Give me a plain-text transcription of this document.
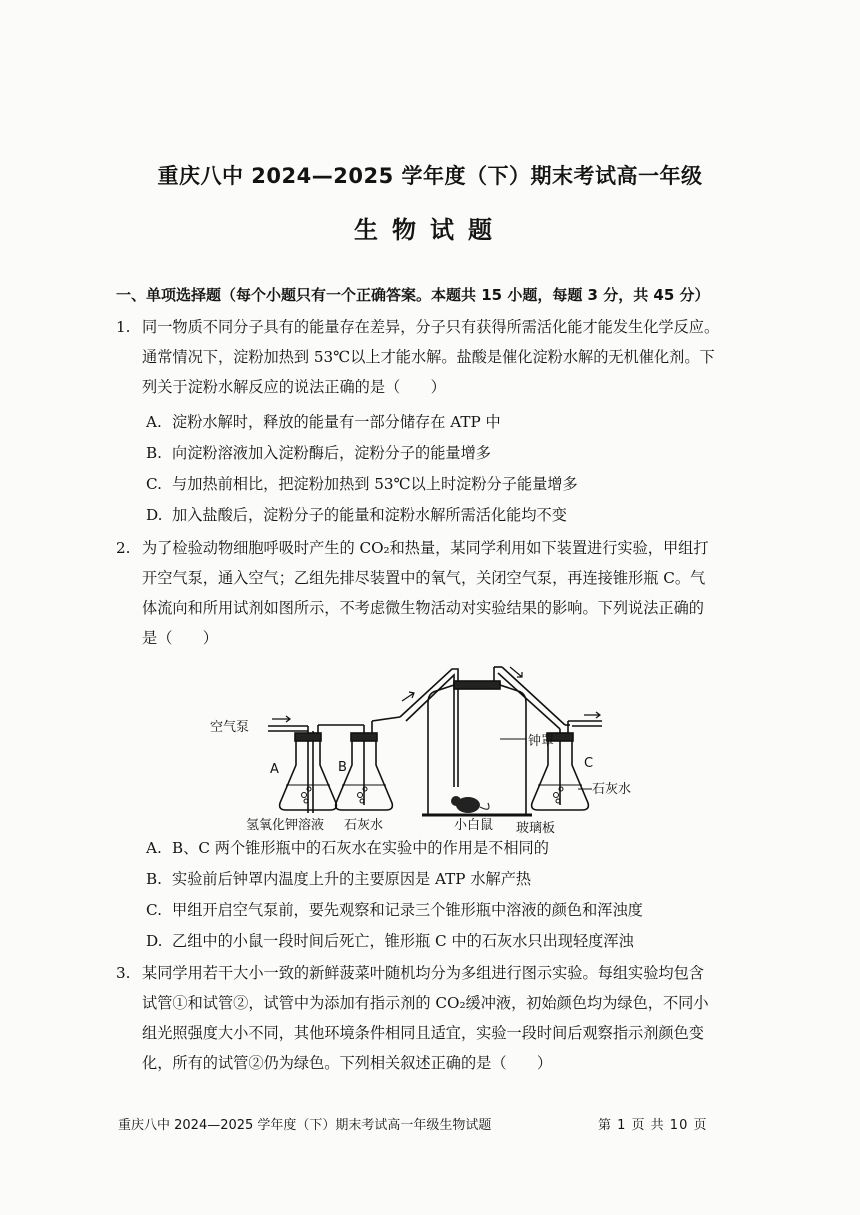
重庆八中 2024—2025 学年度（下）期末考试高一年级
生物试题
一、单项选择题（每个小题只有一个正确答案。本题共 15 小题，每题 3 分，共 45 分）
1. 同一物质不同分子具有的能量存在差异，分子只有获得所需活化能才能发生化学反应。
通常情况下，淀粉加热到 53℃以上才能水解。盐酸是催化淀粉水解的无机催化剂。下
列关于淀粉水解反应的说法正确的是（　　）
A. 淀粉水解时，释放的能量有一部分储存在 ATP 中
B. 向淀粉溶液加入淀粉酶后，淀粉分子的能量增多
C. 与加热前相比，把淀粉加热到 53℃以上时淀粉分子能量增多
D. 加入盐酸后，淀粉分子的能量和淀粉水解所需活化能均不变
2. 为了检验动物细胞呼吸时产生的 CO₂和热量，某同学利用如下装置进行实验，甲组打
开空气泵，通入空气；乙组先排尽装置中的氧气，关闭空气泵，再连接锥形瓶 C。气
体流向和所用试剂如图所示，不考虑微生物活动对实验结果的影响。下列说法正确的
是（　　）
空气泵
A	B	C
钟罩
石灰水
氢氧化钾溶液 石灰水	小白鼠 玻璃板
A. B、C 两个锥形瓶中的石灰水在实验中的作用是不相同的
B. 实验前后钟罩内温度上升的主要原因是 ATP 水解产热
C. 甲组开启空气泵前，要先观察和记录三个锥形瓶中溶液的颜色和浑浊度
D. 乙组中的小鼠一段时间后死亡，锥形瓶 C 中的石灰水只出现轻度浑浊
3. 某同学用若干大小一致的新鲜菠菜叶随机均分为多组进行图示实验。每组实验均包含
试管①和试管②，试管中为添加有指示剂的 CO₂缓冲液，初始颜色均为绿色，不同小
组光照强度大小不同，其他环境条件相同且适宜，实验一段时间后观察指示剂颜色变
化，所有的试管②仍为绿色。下列相关叙述正确的是（　　）
重庆八中 2024—2025 学年度（下）期末考试高一年级生物试题	第 1 页 共 10 页
